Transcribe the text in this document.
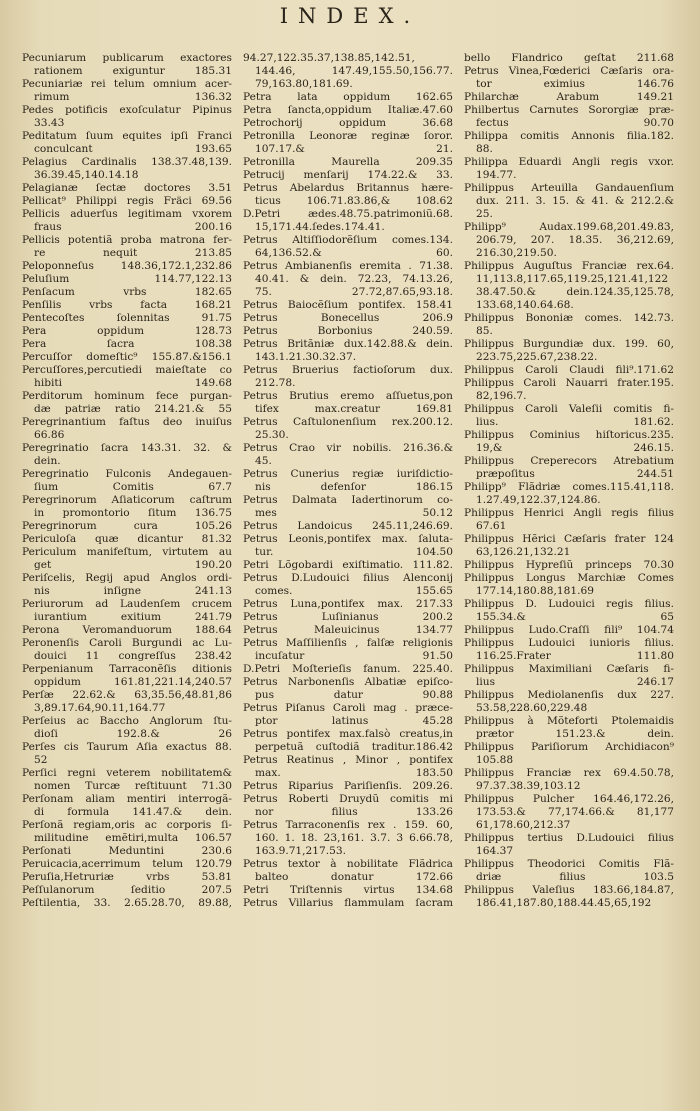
INDEX.
Pecuniarum publicarum exactores
rationem exiguntur 185.31
Pecuniariæ rei telum omnium acer-
rimum 136.32
Pedes potificis exoſculatur Pipinus
33.43
Peditatum ſuum equites ipſi Franci
conculcant 193.65
Pelagius Cardinalis 138.37.48,139.
36.39.45,140.14.18
Pelagianæ ſectæ doctores 3.51
Pellicat⁹ Philippi regis Fräci 69.56
Pellicis aduerſus legitimam vxorem
fraus 200.16
Pellicis potentiã proba matrona fer-
re nequit 213.85
Peloponneſus 148.36,172.1,232.86
Peluſium 114.77,122.13
Penſacum vrbs 182.65
Penſilis vrbs facta 168.21
Pentecoſtes ſolennitas 91.75
Pera oppidum 128.73
Pera ſacra 108.38
Percuſſor domeſtic⁹ 155.87.&156.1
Percuſſores,percutiedi maieſtate co
hibiti 149.68
Perditorum hominum fece purgan-
dæ patriæ ratio 214.21.& 55
Peregrinantium faſtus deo inuiſus
66.86
Peregrinatio ſacra 143.31. 32. &
dein.
Peregrinatio Fulconis Andegauen-
ſium Comitis 67.7
Peregrinorum Aſiaticorum caſtrum
in promontorio ſitum 136.75
Peregrinorum cura 105.26
Periculoſa quæ dicantur 81.32
Periculum manifeſtum, virtutem au
get 190.20
Periſcelis, Regij apud Anglos ordi-
nis inſigne 241.13
Periurorum ad Laudenſem crucem
iurantium exitium 241.79
Perona Veromanduorum 188.64
Peronenſis Caroli Burgundi ac Lu-
douici 11 congreſſus 238.42
Perpenianum Tarraconẽſis ditionis
oppidum 161.81,221.14,240.57
Perſæ 22.62.& 63,35.56,48.81,86
3,89.17.64,90.11,164.77
Perſeius ac Baccho Anglorum ſtu-
dioſi 192.8.& 26
Perſes cis Taurum Aſia exactus 88.
52
Perſici regni veterem nobilitatem&
nomen Turcæ reſtituunt 71.30
Perſonam aliam mentiri interrogã-
di formula 141.47.& dein.
Perſonã regiam,oris ac corporis ſi-
militudine emẽtiri,multa 106.57
Perſonati Meduntini 230.6
Peruicacia,acerrimum telum 120.79
Peruſia,Hetruriæ vrbs 53.81
Peſſulanorum ſeditio 207.5
Peſtilentia, 33. 2.65.28.70, 89.88,
94.27,122.35.37,138.85,142.51,
144.46, 147.49,155.50,156.77.
79,163.80,181.69.
Petra lata oppidum 162.65
Petra ſancta,oppidum Italiæ.47.60
Petrochorij oppidum 36.68
Petronilla Leonoræ reginæ ſoror.
107.17.& 21.
Petronilla Maurella 209.35
Petrucij menſarij 174.22.& 33.
Petrus Abelardus Britannus hære-
ticus 106.71.83.86,& 108.62
D.Petri ædes.48.75.patrimoniũ.68.
15,171.44.ſedes.174.41.
Petrus Altiſſiodorẽſium comes.134.
64,136.52.& 60.
Petrus Ambianenſis eremita . 71.38.
40.41. & dein. 72.23, 74.13.26,
75. 27.72,87.65,93.18.
Petrus Baiocẽſium pontifex. 158.41
Petrus Bonecellus 206.9
Petrus Borbonius 240.59.
Petrus Britãniæ dux.142.88.& dein.
143.1.21.30.32.37.
Petrus Bruerius factioſorum dux.
212.78.
Petrus Brutius eremo aſſuetus,pon
tifex max.creatur 169.81
Petrus Caſtulonenſium rex.200.12.
25.30.
Petrus Crao vir nobilis. 216.36.&
45.
Petrus Cunerius regiæ iuriſdictio-
nis defenſor 186.15
Petrus Dalmata Iadertinorum co-
mes 50.12
Petrus Landoicus 245.11,246.69.
Petrus Leonis,pontifex max. ſaluta-
tur. 104.50
Petri Lõgobardi exiſtimatio. 111.82.
Petrus D.Ludouici filius Alenconij
comes. 155.65
Petrus Luna,pontifex max. 217.33
Petrus Luſinianus 200.2
Petrus Maleuicinus 134.77
Petrus Maſſilienſis , falſæ religionis
incuſatur 91.50
D.Petri Moſterieſis fanum. 225.40.
Petrus Narbonenſis Albatiæ epiſco-
pus datur 90.88
Petrus Piſanus Caroli mag . præce-
ptor latinus 45.28
Petrus pontifex max.falsò creatus,in
perpetuã cuſtodiã traditur.186.42
Petrus Reatinus , Minor , pontifex
max. 183.50
Petrus Riparius Pariſienſis. 209.26.
Petrus Roberti Druydũ comitis mi
nor filius 133.26
Petrus Tarraconenſis rex . 159. 60,
160. 1. 18. 23,161. 3.7. 3 6.66.78,
163.9.71,217.53.
Petrus textor à nobilitate Flãdrica
balteo donatur 172.66
Petri Triſtennis virtus 134.68
Petrus Villarius flammulam ſacram
bello Flandrico geſtat 211.68
Petrus Vinea,Fœderici Cæſaris ora-
tor eximius 146.76
Philarchæ Arabum 149.21
Philbertus Carnutes Sororgiæ præ-
fectus 90.70
Philippa comitis Annonis filia.182.
88.
Philippa Eduardi Angli regis vxor.
194.77.
Philippus Arteuilla Gandauenſium
dux. 211. 3. 15. & 41. & 212.2.&
25.
Philipp⁹ Audax.199.68,201.49.83,
206.79, 207. 18.35. 36,212.69,
216.30,219.50.
Philippus Auguſtus Franciæ rex.64.
11,113.8,117.65,119.25,121.41,122
38.47.50.& dein.124.35,125.78,
133.68,140.64.68.
Philippus Bononiæ comes. 142.73.
85.
Philippus Burgundiæ dux. 199. 60,
223.75,225.67,238.22.
Philippus Caroli Claudi fili⁹.171.62
Philippus Caroli Nauarri frater.195.
82,196.7.
Philippus Caroli Valeſii comitis fi-
lius. 181.62.
Philippus Cominius hiſtoricus.235.
19,& 246.15.
Philippus Creperecors Atrebatium
præpoſitus 244.51
Philipp⁹ Flãdriæ comes.115.41,118.
1.27.49,122.37,124.86.
Philippus Henrici Angli regis filius
67.61
Philippus Hẽrici Cæſaris frater 124
63,126.21,132.21
Philippus Hypreſiũ princeps 70.30
Philippus Longus Marchiæ Comes
177.14,180.88,181.69
Philippus D. Ludouici regis filius.
155.34.& 65
Philippus Ludo.Craſſi fili⁹ 104.74
Philippus Ludouici iunioris filius.
116.25.Frater 111.80
Philippus Maximiliani Cæſaris fi-
lius 246.17
Philippus Mediolanenſis dux 227.
53.58,228.60,229.48
Philippus à Mõteforti Ptolemaidis
prætor 151.23.& dein.
Philippus Pariſiorum Archidiacon⁹
105.88
Philippus Franciæ rex 69.4.50.78,
97.37.38.39,103.12
Philippus Pulcher 164.46,172.26,
173.53.& 77,174.66.& 81,177
61,178.60,212.37
Philippus tertius D.Ludouici filius
164.37
Philippus Theodorici Comitis Flã-
driæ filius 103.5
Philippus Valeſius 183.66,184.87,
186.41,187.80,188.44.45,65,192
